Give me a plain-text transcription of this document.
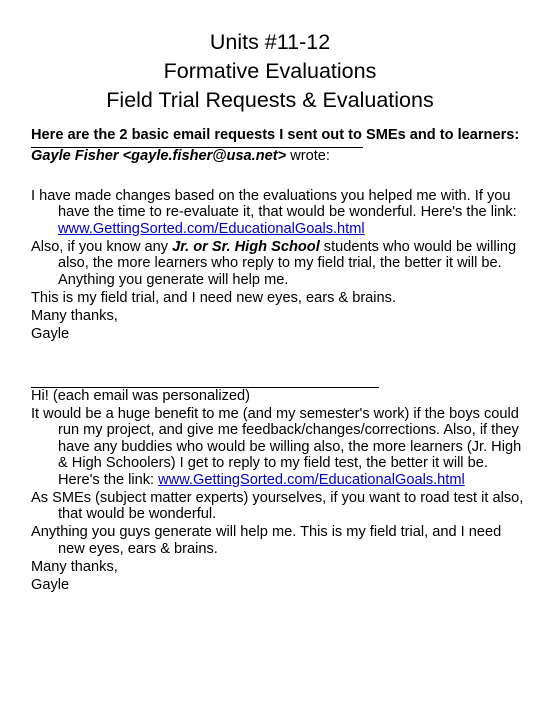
Units #11-12
Formative Evaluations
Field Trial Requests & Evaluations
Here are the 2 basic email requests I sent out to SMEs and to learners:
Gayle Fisher <gayle.fisher@usa.net> wrote:
I have made changes based on the evaluations you helped me with. If you have the time to re-evaluate it, that would be wonderful. Here's the link: www.GettingSorted.com/EducationalGoals.html
Also, if you know any Jr. or Sr. High School students who would be willing also, the more learners who reply to my field trial, the better it will be. Anything you generate will help me.
This is my field trial, and I need new eyes, ears & brains.
Many thanks,
Gayle
Hi! (each email was personalized)
It would be a huge benefit to me (and my semester's work) if the boys could run my project, and give me feedback/changes/corrections. Also, if they have any buddies who would be willing also, the more learners (Jr. High & High Schoolers) I get to reply to my field test, the better it will be. Here's the link: www.GettingSorted.com/EducationalGoals.html
As SMEs (subject matter experts) yourselves, if you want to road test it also, that would be wonderful.
Anything you guys generate will help me. This is my field trial, and I need new eyes, ears & brains.
Many thanks,
Gayle
